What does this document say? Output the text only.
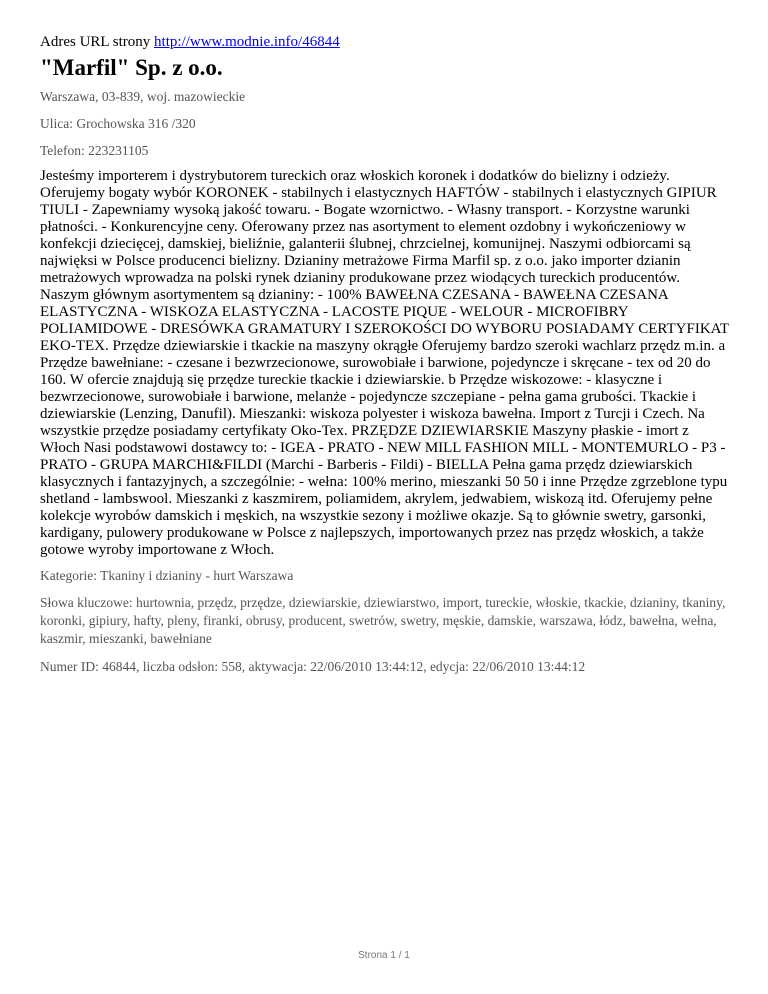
Adres URL strony http://www.modnie.info/46844
"Marfil" Sp. z o.o.
Warszawa, 03-839, woj. mazowieckie
Ulica: Grochowska 316 /320
Telefon: 223231105
Jesteśmy importerem i dystrybutorem tureckich oraz włoskich koronek i dodatków do bielizny i odzieży. Oferujemy bogaty wybór KORONEK - stabilnych i elastycznych HAFTÓW - stabilnych i elastycznych GIPIUR TIULI - Zapewniamy wysoką jakość towaru. - Bogate wzornictwo. - Własny transport. - Korzystne warunki płatności. - Konkurencyjne ceny. Oferowany przez nas asortyment to element ozdobny i wykończeniowy w konfekcji dziecięcej, damskiej, bieliźnie, galanterii ślubnej, chrzcielnej, komunijnej. Naszymi odbiorcami są najwięksi w Polsce producenci bielizny. Dzianiny metrażowe Firma Marfil sp. z o.o. jako importer dzianin metrażowych wprowadza na polski rynek dzianiny produkowane przez wiodących tureckich producentów. Naszym głównym asortymentem są dzianiny: - 100% BAWEŁNA CZESANA - BAWEŁNA CZESANA ELASTYCZNA - WISKOZA ELASTYCZNA - LACOSTE PIQUE - WELOUR - MICROFIBRY POLIAMIDOWE - DRESÓWKA GRAMATURY I SZEROKOŚCI DO WYBORU POSIADAMY CERTYFIKAT EKO-TEX. Przędze dziewiarskie i tkackie na maszyny okrągłe Oferujemy bardzo szeroki wachlarz przędz m.in. a Przędze bawełniane: - czesane i bezwrzecionowe, surowobiałe i barwione, pojedyncze i skręcane - tex od 20 do 160. W ofercie znajdują się przędze tureckie tkackie i dziewiarskie. b Przędze wiskozowe: - klasyczne i bezwrzecionowe, surowobiałe i barwione, melanże - pojedyncze szczepiane - pełna gama grubości. Tkackie i dziewiarskie (Lenzing, Danufil). Mieszanki: wiskoza polyester i wiskoza bawełna. Import z Turcji i Czech. Na wszystkie przędze posiadamy certyfikaty Oko-Tex. PRZĘDZE DZIEWIARSKIE Maszyny płaskie - imort z Włoch Nasi podstawowi dostawcy to: - IGEA - PRATO - NEW MILL FASHION MILL - MONTEMURLO - P3 - PRATO - GRUPA MARCHI&FILDI (Marchi - Barberis - Fildi) - BIELLA Pełna gama przędz dziewiarskich klasycznych i fantazyjnych, a szczególnie: - wełna: 100% merino, mieszanki 50 50 i inne Przędze zgrzeblone typu shetland - lambswool. Mieszanki z kaszmirem, poliamidem, akrylem, jedwabiem, wiskozą itd. Oferujemy pełne kolekcje wyrobów damskich i męskich, na wszystkie sezony i możliwe okazje. Są to głównie swetry, garsonki, kardigany, pulowery produkowane w Polsce z najlepszych, importowanych przez nas przędz włoskich, a także gotowe wyroby importowane z Włoch.
Kategorie: Tkaniny i dzianiny - hurt Warszawa
Słowa kluczowe: hurtownia, przędz, przędze, dziewiarskie, dziewiarstwo, import, tureckie, włoskie, tkackie, dzianiny, tkaniny, koronki, gipiury, hafty, pleny, firanki, obrusy, producent, swetrów, swetry, męskie, damskie, warszawa, łódz, bawełna, wełna, kaszmir, mieszanki, bawełniane
Numer ID: 46844, liczba odsłon: 558, aktywacja: 22/06/2010 13:44:12, edycja: 22/06/2010 13:44:12
Strona 1 / 1
